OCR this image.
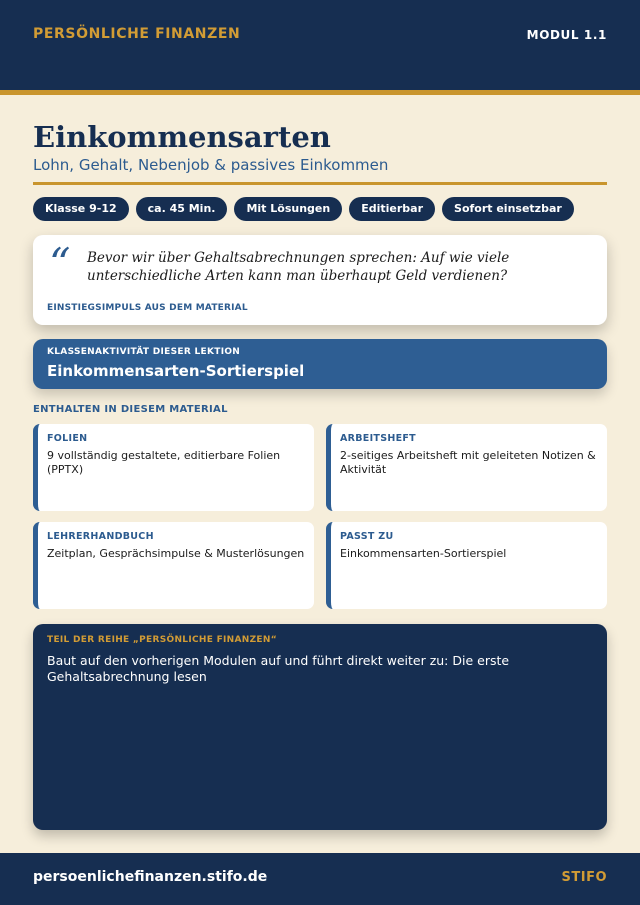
PERSÖNLICHE FINANZEN	MODUL 1.1
Einkommensarten
Lohn, Gehalt, Nebenjob & passives Einkommen
Klasse 9-12	ca. 45 Min.	Mit Lösungen	Editierbar	Sofort einsetzbar
“ Bevor wir über Gehaltsabrechnungen sprechen: Auf wie viele unterschiedliche Arten kann man überhaupt Geld verdienen?
EINSTIEGSIMPULS AUS DEM MATERIAL
KLASSENAKTIVITÄT DIESER LEKTION
Einkommensarten-Sortierspiel
ENTHALTEN IN DIESEM MATERIAL
FOLIEN
9 vollständig gestaltete, editierbare Folien (PPTX)
ARBEITSHEFT
2-seitiges Arbeitsheft mit geleiteten Notizen & Aktivität
LEHRERHANDBUCH
Zeitplan, Gesprächsimpulse & Musterlösungen
PASST ZU
Einkommensarten-Sortierspiel
TEIL DER REIHE „PERSÖNLICHE FINANZEN“
Baut auf den vorherigen Modulen auf und führt direkt weiter zu: Die erste Gehaltsabrechnung lesen
persoenlichefinanzen.stifo.de	STIFO
